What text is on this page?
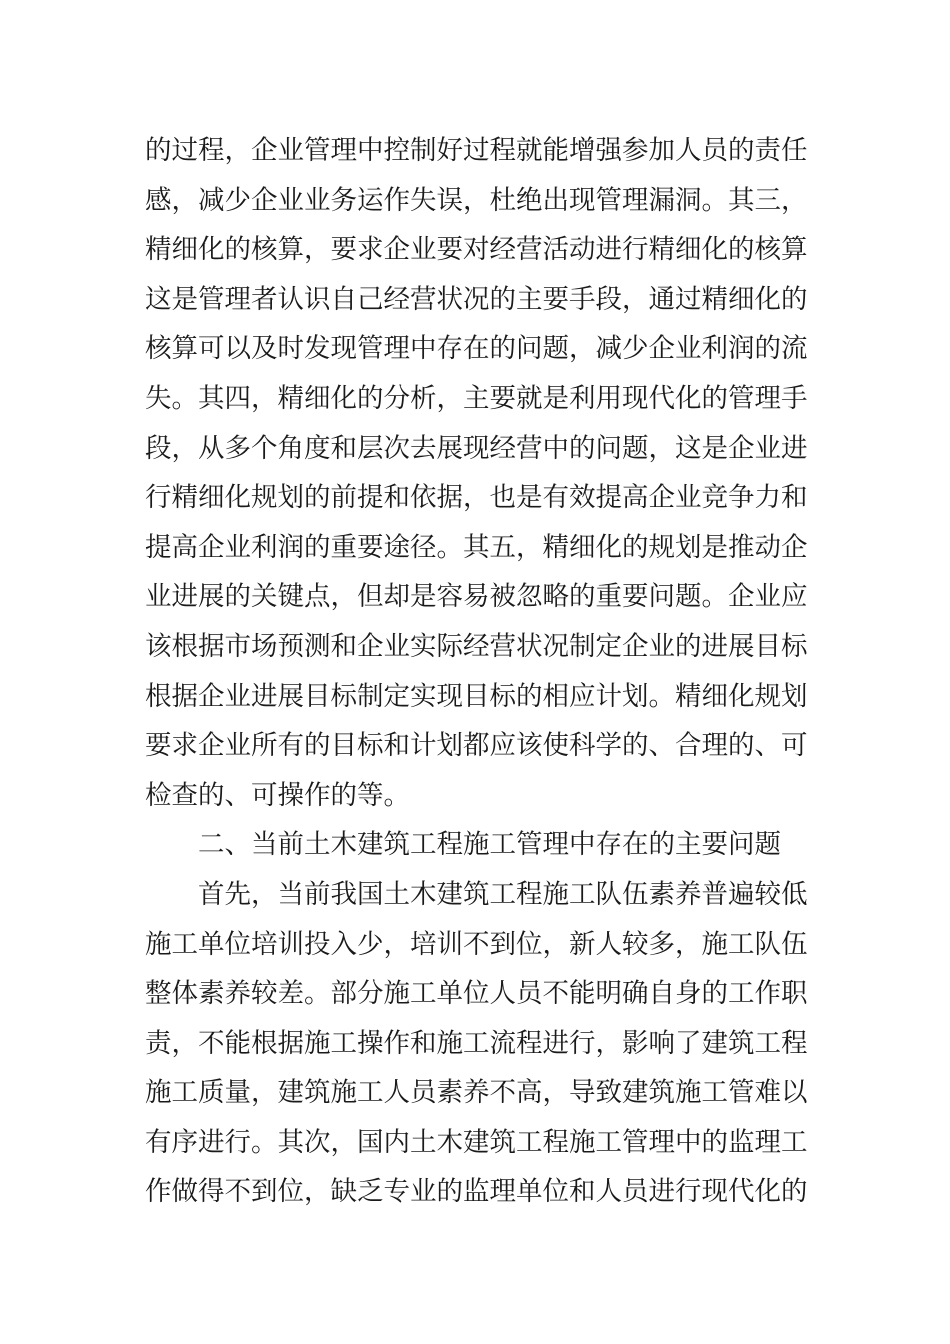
的过程，企业管理中控制好过程就能增强参加人员的责任
感，减少企业业务运作失误，杜绝出现管理漏洞。其三，
精细化的核算，要求企业要对经营活动进行精细化的核算
这是管理者认识自己经营状况的主要手段，通过精细化的
核算可以及时发现管理中存在的问题，减少企业利润的流
失。其四，精细化的分析，主要就是利用现代化的管理手
段，从多个角度和层次去展现经营中的问题，这是企业进
行精细化规划的前提和依据，也是有效提高企业竞争力和
提高企业利润的重要途径。其五，精细化的规划是推动企
业进展的关键点，但却是容易被忽略的重要问题。企业应
该根据市场预测和企业实际经营状况制定企业的进展目标
根据企业进展目标制定实现目标的相应计划。精细化规划
要求企业所有的目标和计划都应该使科学的、合理的、可
检查的、可操作的等。
二、当前土木建筑工程施工管理中存在的主要问题
首先，当前我国土木建筑工程施工队伍素养普遍较低
施工单位培训投入少，培训不到位，新人较多，施工队伍
整体素养较差。部分施工单位人员不能明确自身的工作职
责，不能根据施工操作和施工流程进行，影响了建筑工程
施工质量，建筑施工人员素养不高，导致建筑施工管难以
有序进行。其次，国内土木建筑工程施工管理中的监理工
作做得不到位，缺乏专业的监理单位和人员进行现代化的
